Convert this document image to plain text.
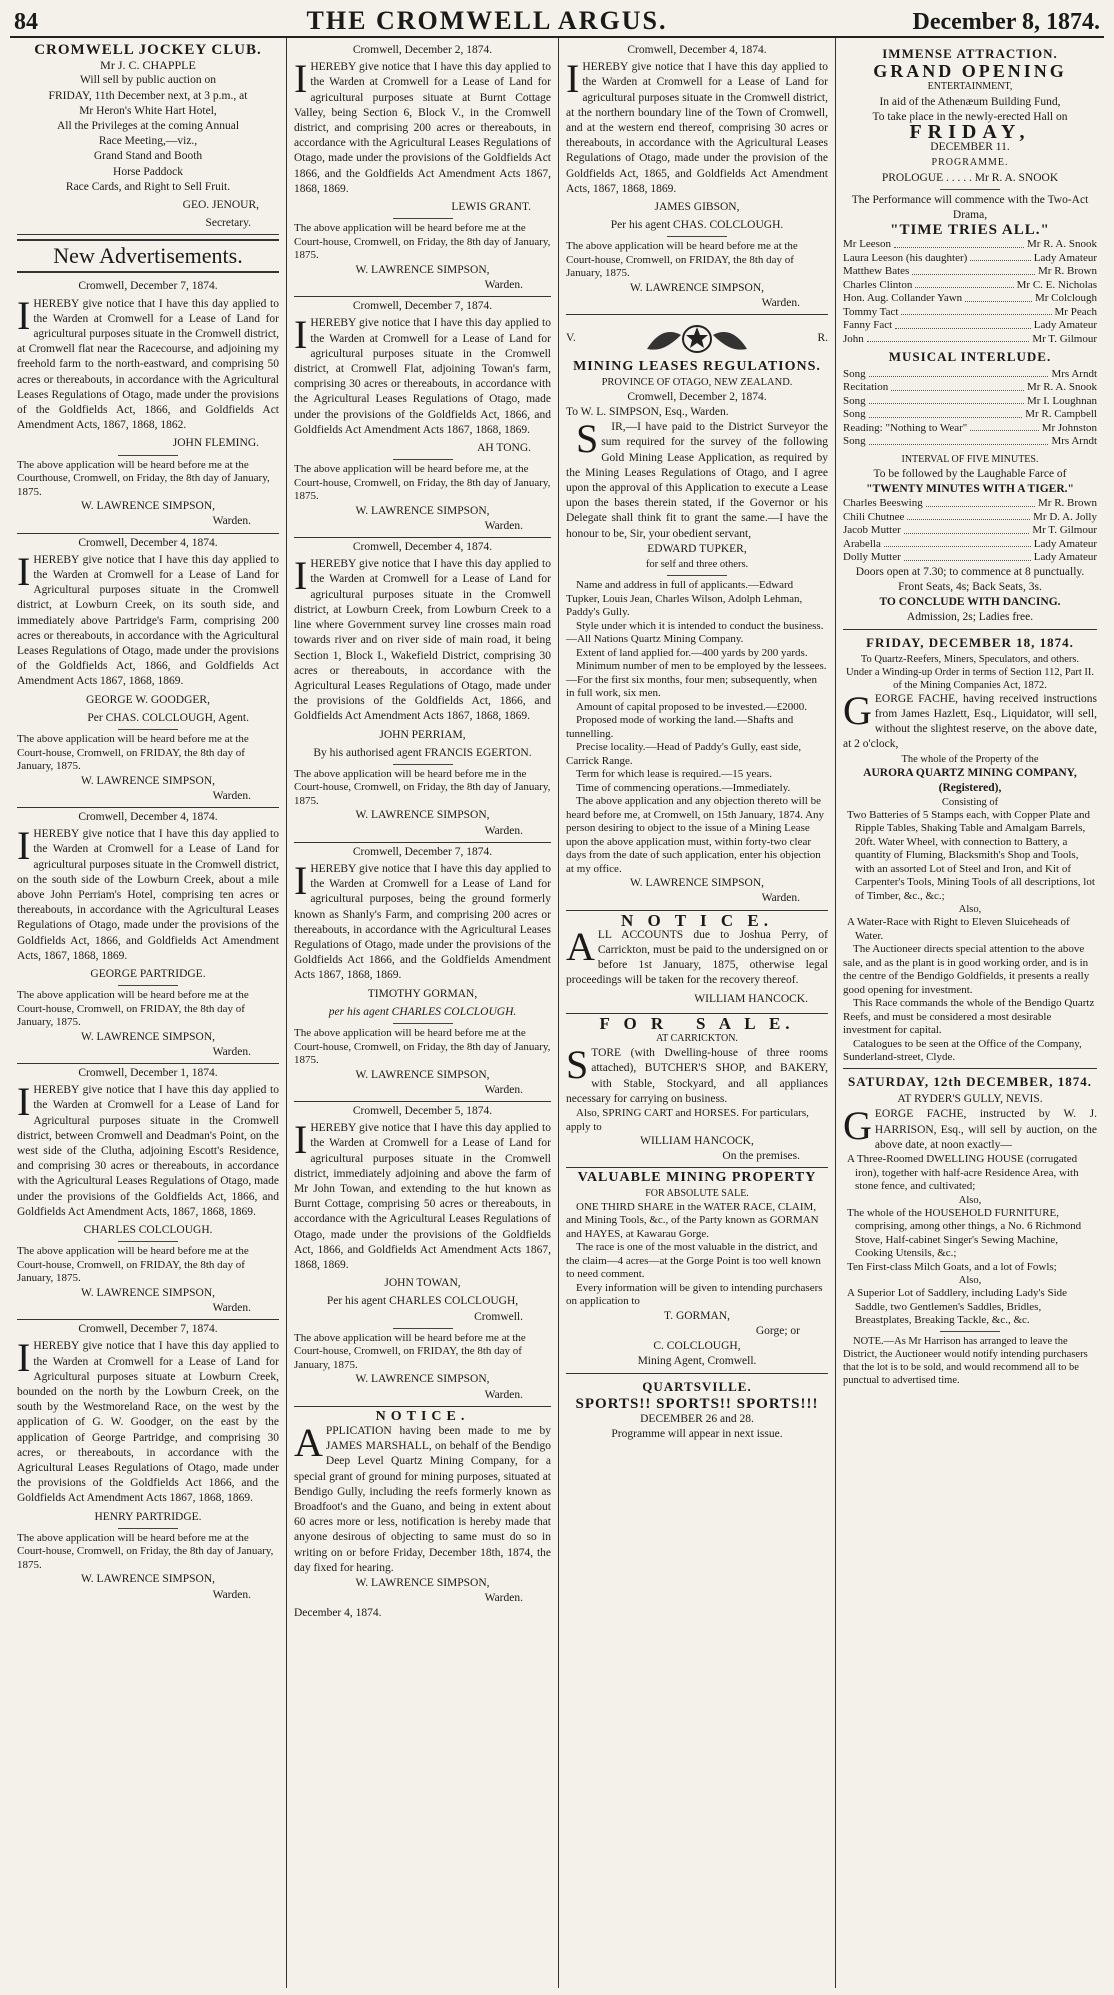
84	THE CROMWELL ARGUS.	December 8, 1874.
CROMWELL JOCKEY CLUB.
Mr J. C. CHAPPLE
Will sell by public auction on
FRIDAY, 11th December next, at 3 p.m., at
Mr Heron's White Hart Hotel,
All the Privileges at the coming Annual
Race Meeting,—viz.,
Grand Stand and Booth
Horse Paddock
Race Cards, and Right to Sell Fruit.
GEO. JENOUR,
Secretary.
New Advertisements.
Cromwell, December 7, 1874.
IHEREBY give notice that I have this day applied to the Warden at Cromwell for a Lease of Land for agricultural purposes situate in the Cromwell district, at Cromwell flat near the Racecourse, and adjoining my freehold farm to the north-eastward, and comprising 50 acres or thereabouts, in accordance with the Agricultural Leases Regulations of Otago, made under the provisions of the Goldfields Act, 1866, and Goldfields Act Amendment Acts, 1867, 1868, 1862.
JOHN FLEMING.
The above application will be heard before me at the Courthouse, Cromwell, on Friday, the 8th day of January, 1875.
W. LAWRENCE SIMPSON,
Warden.
Cromwell, December 4, 1874.
IHEREBY give notice that I have this day applied to the Warden at Cromwell for a Lease of Land for Agricultural purposes situate in the Cromwell district, at Lowburn Creek, on its south side, and immediately above Partridge's Farm, comprising 200 acres or thereabouts, in accordance with the Agricultural Leases Regulations of Otago, made under the provisions of the Goldfields Act, 1866, and Goldfields Act Amendment Acts 1867, 1868, 1869.
GEORGE W. GOODGER,
Per CHAS. COLCLOUGH, Agent.
The above application will be heard before me at the Court-house, Cromwell, on FRIDAY, the 8th day of January, 1875.
W. LAWRENCE SIMPSON,
Warden.
Cromwell, December 4, 1874.
IHEREBY give notice that I have this day applied to the Warden at Cromwell for a Lease of Land for agricultural purposes situate in the Cromwell district, on the south side of the Lowburn Creek, about a mile above John Perriam's Hotel, comprising ten acres or thereabouts, in accordance with the Agricultural Leases Regulations of Otago, made under the provisions of the Goldfields Act, 1866, and Goldfields Act Amendment Acts, 1867, 1868, 1869.
GEORGE PARTRIDGE.
The above application will be heard before me at the Court-house, Cromwell, on FRIDAY, the 8th day of January, 1875.
W. LAWRENCE SIMPSON,
Warden.
Cromwell, December 1, 1874.
IHEREBY give notice that I have this day applied to the Warden at Cromwell for a Lease of Land for Agricultural purposes situate in the Cromwell district, between Cromwell and Deadman's Point, on the west side of the Clutha, adjoining Escott's Residence, and comprising 30 acres or thereabouts, in accordance with the Agricultural Leases Regulations of Otago, made under the provisions of the Goldfields Act, 1866, and Goldfields Act Amendment Acts, 1867, 1868, 1869.
CHARLES COLCLOUGH.
The above application will be heard before me at the Court-house, Cromwell, on FRIDAY, the 8th day of January, 1875.
W. LAWRENCE SIMPSON,
Warden.
Cromwell, December 7, 1874.
IHEREBY give notice that I have this day applied to the Warden at Cromwell for a Lease of Land for Agricultural purposes situate at Lowburn Creek, bounded on the north by the Lowburn Creek, on the south by the Westmoreland Race, on the west by the application of G. W. Goodger, on the east by the application of George Partridge, and comprising 30 acres, or thereabouts, in accordance with the Agricultural Leases Regulations of Otago, made under the provisions of the Goldfields Act 1866, and the Goldfields Act Amendment Acts 1867, 1868, 1869.
HENRY PARTRIDGE.
The above application will be heard before me at the Court-house, Cromwell, on Friday, the 8th day of January, 1875.
W. LAWRENCE SIMPSON,
Warden.
Cromwell, December 2, 1874.
IHEREBY give notice that I have this day applied to the Warden at Cromwell for a Lease of Land for agricultural purposes situate at Burnt Cottage Valley, being Section 6, Block V., in the Cromwell district, and comprising 200 acres or thereabouts, in accordance with the Agricultural Leases Regulations of Otago, made under the provisions of the Goldfields Act 1866, and the Goldfields Act Amendment Acts 1867, 1868, 1869.
LEWIS GRANT.
The above application will be heard before me at the Court-house, Cromwell, on Friday, the 8th day of January, 1875.
W. LAWRENCE SIMPSON,
Warden.
Cromwell, December 7, 1874.
IHEREBY give notice that I have this day applied to the Warden at Cromwell for a Lease of Land for agricultural purposes situate in the Cromwell district, at Cromwell Flat, adjoining Towan's farm, comprising 30 acres or thereabouts, in accordance with the Agricultural Leases Regulations of Otago, made under the provisions of the Goldfields Act, 1866, and Goldfields Act Amendment Acts 1867, 1868, 1869.
AH TONG.
The above application will be heard before me, at the Court-house, Cromwell, on Friday, the 8th day of January, 1875.
W. LAWRENCE SIMPSON,
Warden.
Cromwell, December 4, 1874.
IHEREBY give notice that I have this day applied to the Warden at Cromwell for a Lease of Land for agricultural purposes situate in the Cromwell district, at Lowburn Creek, from Lowburn Creek to a line where Government survey line crosses main road towards river and on river side of main road, it being Section 1, Block I., Wakefield District, comprising 30 acres or thereabouts, in accordance with the Agricultural Leases Regulations of Otago, made under the provisions of the Goldfields Act, 1866, and Goldfields Act Amendment Acts 1867, 1868, 1869.
JOHN PERRIAM,
By his authorised agent FRANCIS EGERTON.
The above application will be heard before me in the Court-house, Cromwell, on Friday, the 8th day of January, 1875.
W. LAWRENCE SIMPSON,
Warden.
Cromwell, December 7, 1874.
IHEREBY give notice that I have this day applied to the Warden at Cromwell for a Lease of Land for agricultural purposes, being the ground formerly known as Shanly's Farm, and comprising 200 acres or thereabouts, in accordance with the Agricultural Leases Regulations of Otago, made under the provisions of the Goldfields Act 1866, and the Goldfields Amendment Acts 1867, 1868, 1869.
TIMOTHY GORMAN,
per his agent CHARLES COLCLOUGH.
The above application will be heard before me at the Court-house, Cromwell, on Friday, the 8th day of January, 1875.
W. LAWRENCE SIMPSON,
Warden.
Cromwell, December 5, 1874.
IHEREBY give notice that I have this day applied to the Warden at Cromwell for a Lease of Land for agricultural purposes situate in the Cromwell district, immediately adjoining and above the farm of Mr John Towan, and extending to the hut known as Burnt Cottage, comprising 50 acres or thereabouts, in accordance with the Agricultural Leases Regulations of Otago, made under the provisions of the Goldfields Act, 1866, and Goldfields Act Amendment Acts 1867, 1868, 1869.
JOHN TOWAN,
Per his agent CHARLES COLCLOUGH,
Cromwell.
The above application will be heard before me at the Court-house, Cromwell, on FRIDAY, the 8th day of January, 1875.
W. LAWRENCE SIMPSON,
Warden.
NOTICE.
APPLICATION having been made to me by JAMES MARSHALL, on behalf of the Bendigo Deep Level Quartz Mining Company, for a special grant of ground for mining purposes, situated at Bendigo Gully, including the reefs formerly known as Broadfoot's and the Guano, and being in extent about 60 acres more or less, notification is hereby made that anyone desirous of objecting to same must do so in writing on or before Friday, December 18th, 1874, the day fixed for hearing.
W. LAWRENCE SIMPSON,
Warden.
December 4, 1874.
Cromwell, December 4, 1874.
IHEREBY give notice that I have this day applied to the Warden at Cromwell for a Lease of Land for agricultural purposes situate in the Cromwell district, at the northern boundary line of the Town of Cromwell, and at the western end thereof, comprising 30 acres or thereabouts, in accordance with the Agricultural Leases Regulations of Otago, made under the provision of the Goldfields Act, 1865, and Goldfields Act Amendment Acts, 1867, 1868, 1869.
JAMES GIBSON,
Per his agent CHAS. COLCLOUGH.
The above application will be heard before me at the Court-house, Cromwell, on FRIDAY, the 8th day of January, 1875.
W. LAWRENCE SIMPSON,
Warden.
V.	R.
MINING LEASES REGULATIONS.
PROVINCE OF OTAGO, NEW ZEALAND.
Cromwell, December 2, 1874.
To W. L. SIMPSON, Esq., Warden.
SIR,—I have paid to the District Surveyor the sum required for the survey of the following Gold Mining Lease Application, as required by the Mining Leases Regulations of Otago, and I agree upon the approval of this Application to execute a Lease upon the bases therein stated, if the Governor or his Delegate shall think fit to grant the same.—I have the honour to be, Sir, your obedient servant,
EDWARD TUPKER,
for self and three others.
Name and address in full of applicants.—Edward Tupker, Louis Jean, Charles Wilson, Adolph Lehman, Paddy's Gully.
Style under which it is intended to conduct the business.—All Nations Quartz Mining Company.
Extent of land applied for.—400 yards by 200 yards.
Minimum number of men to be employed by the lessees.—For the first six months, four men; subsequently, when in full work, six men.
Amount of capital proposed to be invested.—£2000.
Proposed mode of working the land.—Shafts and tunnelling.
Precise locality.—Head of Paddy's Gully, east side, Carrick Range.
Term for which lease is required.—15 years.
Time of commencing operations.—Immediately.
The above application and any objection thereto will be heard before me, at Cromwell, on 15th January, 1874. Any person desiring to object to the issue of a Mining Lease upon the above application must, within forty-two clear days from the date of such application, enter his objection at my office.
W. LAWRENCE SIMPSON,
Warden.
N O T I C E.
ALL ACCOUNTS due to Joshua Perry, of Carrickton, must be paid to the undersigned on or before 1st January, 1875, otherwise legal proceedings will be taken for the recovery thereof.
WILLIAM HANCOCK.
F O R   S A L E.
AT CARRICKTON.
STORE (with Dwelling-house of three rooms attached), BUTCHER'S SHOP, and BAKERY, with Stable, Stockyard, and all appliances necessary for carrying on business.
Also, SPRING CART and HORSES. For particulars, apply to
WILLIAM HANCOCK,
On the premises.
VALUABLE MINING PROPERTY
FOR ABSOLUTE SALE.
ONE THIRD SHARE in the WATER RACE, CLAIM, and Mining Tools, &c., of the Party known as GORMAN and HAYES, at Kawarau Gorge.
The race is one of the most valuable in the district, and the claim—4 acres—at the Gorge Point is too well known to need comment.
Every information will be given to intending purchasers on application to
T. GORMAN,
Gorge; or
C. COLCLOUGH,
Mining Agent, Cromwell.
QUARTSVILLE.
SPORTS!! SPORTS!! SPORTS!!!
DECEMBER 26 and 28.
Programme will appear in next issue.
IMMENSE ATTRACTION.
GRAND OPENING
ENTERTAINMENT,
In aid of the Athenæum Building Fund,
To take place in the newly-erected Hall on
FRIDAY,
DECEMBER 11.
PROGRAMME.
PROLOGUE . . . . . Mr R. A. SNOOK
The Performance will commence with the Two-Act Drama,
"TIME TRIES ALL."
Mr Leeson	Mr R. A. Snook
Laura Leeson (his daughter)	Lady Amateur
Matthew Bates	Mr R. Brown
Charles Clinton	Mr C. E. Nicholas
Hon. Aug. Collander Yawn	Mr Colclough
Tommy Tact	Mr Peach
Fanny Fact	Lady Amateur
John	Mr T. Gilmour
MUSICAL INTERLUDE.
Song	Mrs Arndt
Recitation	Mr R. A. Snook
Song	Mr I. Loughnan
Song	Mr R. Campbell
Reading: "Nothing to Wear"	Mr Johnston
Song	Mrs Arndt
INTERVAL OF FIVE MINUTES.
To be followed by the Laughable Farce of
"TWENTY MINUTES WITH A TIGER."
Charles Beeswing	Mr R. Brown
Chili Chutnee	Mr D. A. Jolly
Jacob Mutter	Mr T. Gilmour
Arabella	Lady Amateur
Dolly Mutter	Lady Amateur
Doors open at 7.30; to commence at 8 punctually.
Front Seats, 4s; Back Seats, 3s.
TO CONCLUDE WITH DANCING.
Admission, 2s; Ladies free.
FRIDAY, DECEMBER 18, 1874.
To Quartz-Reefers, Miners, Speculators, and others.
Under a Winding-up Order in terms of Section 112, Part II. of the Mining Companies Act, 1872.
GEORGE FACHE, having received instructions from James Hazlett, Esq., Liquidator, will sell, without the slightest reserve, on the above date, at 2 o'clock,
The whole of the Property of the
AURORA QUARTZ MINING COMPANY, (Registered),
Consisting of
Two Batteries of 5 Stamps each, with Copper Plate and Ripple Tables, Shaking Table and Amalgam Barrels, 20ft. Water Wheel, with connection to Battery, a quantity of Fluming, Blacksmith's Shop and Tools, with an assorted Lot of Steel and Iron, and Kit of Carpenter's Tools, Mining Tools of all descriptions, lot of Timber, &c., &c.;
Also,
A Water-Race with Right to Eleven Sluiceheads of Water.
The Auctioneer directs special attention to the above sale, and as the plant is in good working order, and is in the centre of the Bendigo Goldfields, it presents a really good opening for investment.
This Race commands the whole of the Bendigo Quartz Reefs, and must be considered a most desirable investment for capital.
Catalogues to be seen at the Office of the Company, Sunderland-street, Clyde.
SATURDAY, 12th DECEMBER, 1874.
AT RYDER'S GULLY, NEVIS.
GEORGE FACHE, instructed by W. J. HARRISON, Esq., will sell by auction, on the above date, at noon exactly—
A Three-Roomed DWELLING HOUSE (corrugated iron), together with half-acre Residence Area, with stone fence, and cultivated;
Also,
The whole of the HOUSEHOLD FURNITURE, comprising, among other things, a No. 6 Richmond Stove, Half-cabinet Singer's Sewing Machine, Cooking Utensils, &c.;
Ten First-class Milch Goats, and a lot of Fowls;
Also,
A Superior Lot of Saddlery, including Lady's Side Saddle, two Gentlemen's Saddles, Bridles, Breastplates, Breaking Tackle, &c., &c.
NOTE.—As Mr Harrison has arranged to leave the District, the Auctioneer would notify intending purchasers that the lot is to be sold, and would recommend all to be punctual to advertised time.
